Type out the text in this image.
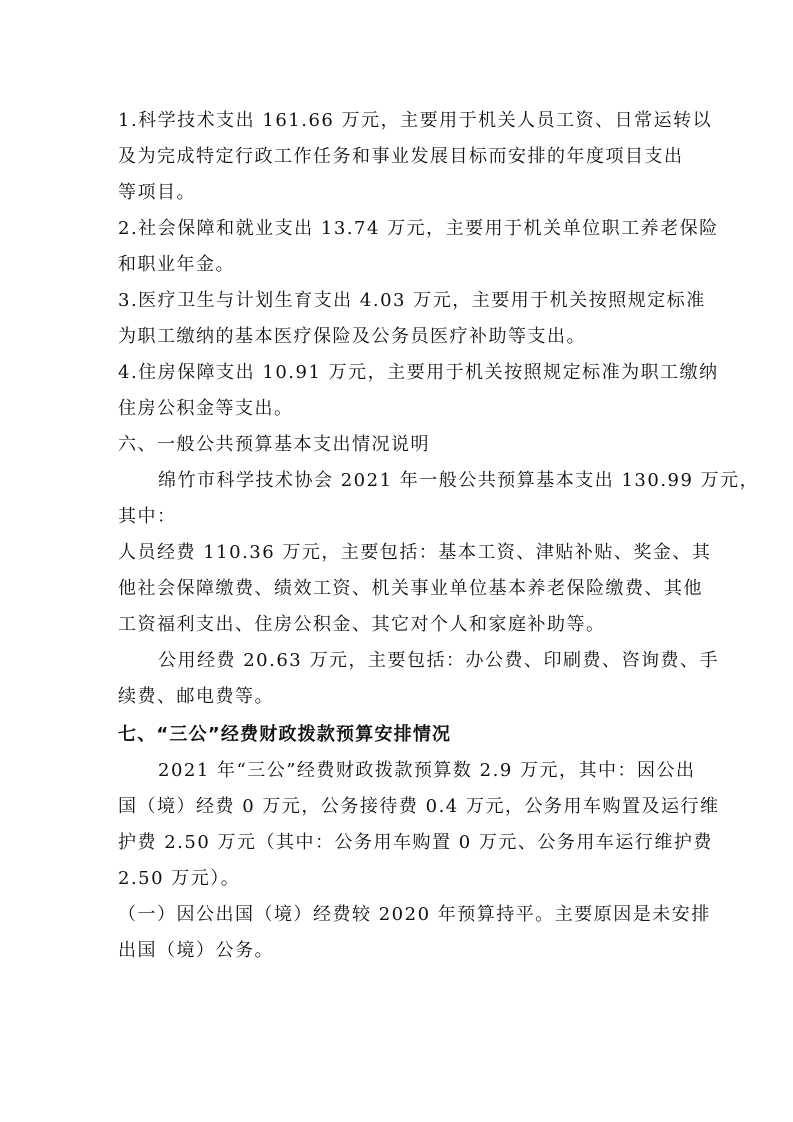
1.科学技术支出 161.66 万元，主要用于机关人员工资、日常运转以
及为完成特定行政工作任务和事业发展目标而安排的年度项目支出
等项目。
2.社会保障和就业支出 13.74 万元，主要用于机关单位职工养老保险
和职业年金。
3.医疗卫生与计划生育支出 4.03 万元，主要用于机关按照规定标准
为职工缴纳的基本医疗保险及公务员医疗补助等支出。
4.住房保障支出 10.91 万元，主要用于机关按照规定标准为职工缴纳
住房公积金等支出。
六、一般公共预算基本支出情况说明
绵竹市科学技术协会 2021 年一般公共预算基本支出 130.99 万元，
其中：
人员经费 110.36 万元，主要包括：基本工资、津贴补贴、奖金、其
他社会保障缴费、绩效工资、机关事业单位基本养老保险缴费、其他
工资福利支出、住房公积金、其它对个人和家庭补助等。
公用经费 20.63 万元，主要包括：办公费、印刷费、咨询费、手
续费、邮电费等。
七、“三公”经费财政拨款预算安排情况
2021 年“三公”经费财政拨款预算数 2.9 万元，其中：因公出
国（境）经费 0 万元，公务接待费 0.4 万元，公务用车购置及运行维
护费 2.50 万元（其中：公务用车购置 0 万元、公务用车运行维护费
2.50 万元）。
（一）因公出国（境）经费较 2020 年预算持平。主要原因是未安排
出国（境）公务。
